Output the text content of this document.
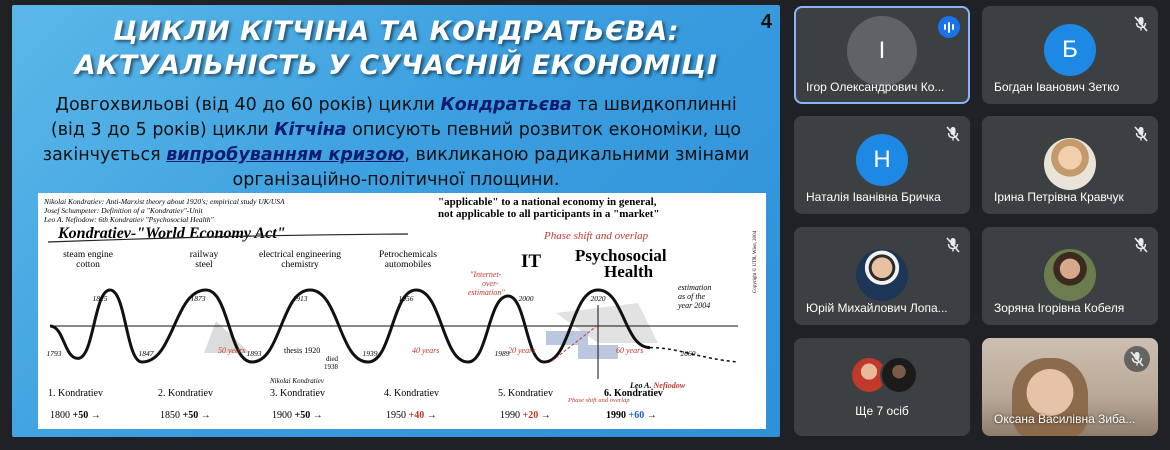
ЦИКЛИ КІТЧІНА ТА КОНДРАТЬЄВА:
АКТУАЛЬНІСТЬ У СУЧАСНІЙ ЕКОНОМІЦІ
4
Довгохвильові (від 40 до 60 років) цикли Кондратьєва та швидкоплинні (від 3 до 5 років) цикли Кітчіна описують певний розвиток економіки, що закінчується випробуванням кризою, викликаною радикальними змінами організаційно-політичної площини.
Nikolai Kondratiev: Anti-Marxist theory about 1920's; empirical study UK/USA
Josef Schumpeter: Definition of a "Kondratiev"-Unit
Leo A. Nefiodow: 6th Kondratiev "Psychosocial Health"
"applicable" to a national economy in general,
not applicable to all participants in a "market"
Kondratiev-"World Economy Act"	Phase shift and overlap
IT Psychosocial
Health
"Internet-
over-
estimation"
estimation
as of the
year 2004
Copyright © UTR, Wien, 2004
steam engine
cotton
1825
1793
railway
steel
1873
1847
electrical engineering
chemistry
1913
1893
Petrochemicals
automobiles
1956
1939
2000
1989
2020
2060
50 years	40 years	20 years	60 years
thesis 1920
died
1938
Nikolai Kondratiev	Leo A. Nefiodow
Phase shift and overlap
1. Kondratiev
1800 +50 →
2. Kondratiev
1850 +50 →
3. Kondratiev
1900 +50 →
4. Kondratiev
1950 +40 →
5. Kondratiev
1990 +20 →
6. Kondratiev
1990 +60 →
І
Ігор Олександрович Ко...
Б
Богдан Іванович Зетко
Н
Наталія Іванівна Бричка	Ірина Петрівна Кравчук
Юрій Михайлович Лопа...	Зоряна Ігорівна Кобеля
Ще 7 осіб
Оксана Василівна Зиба...
